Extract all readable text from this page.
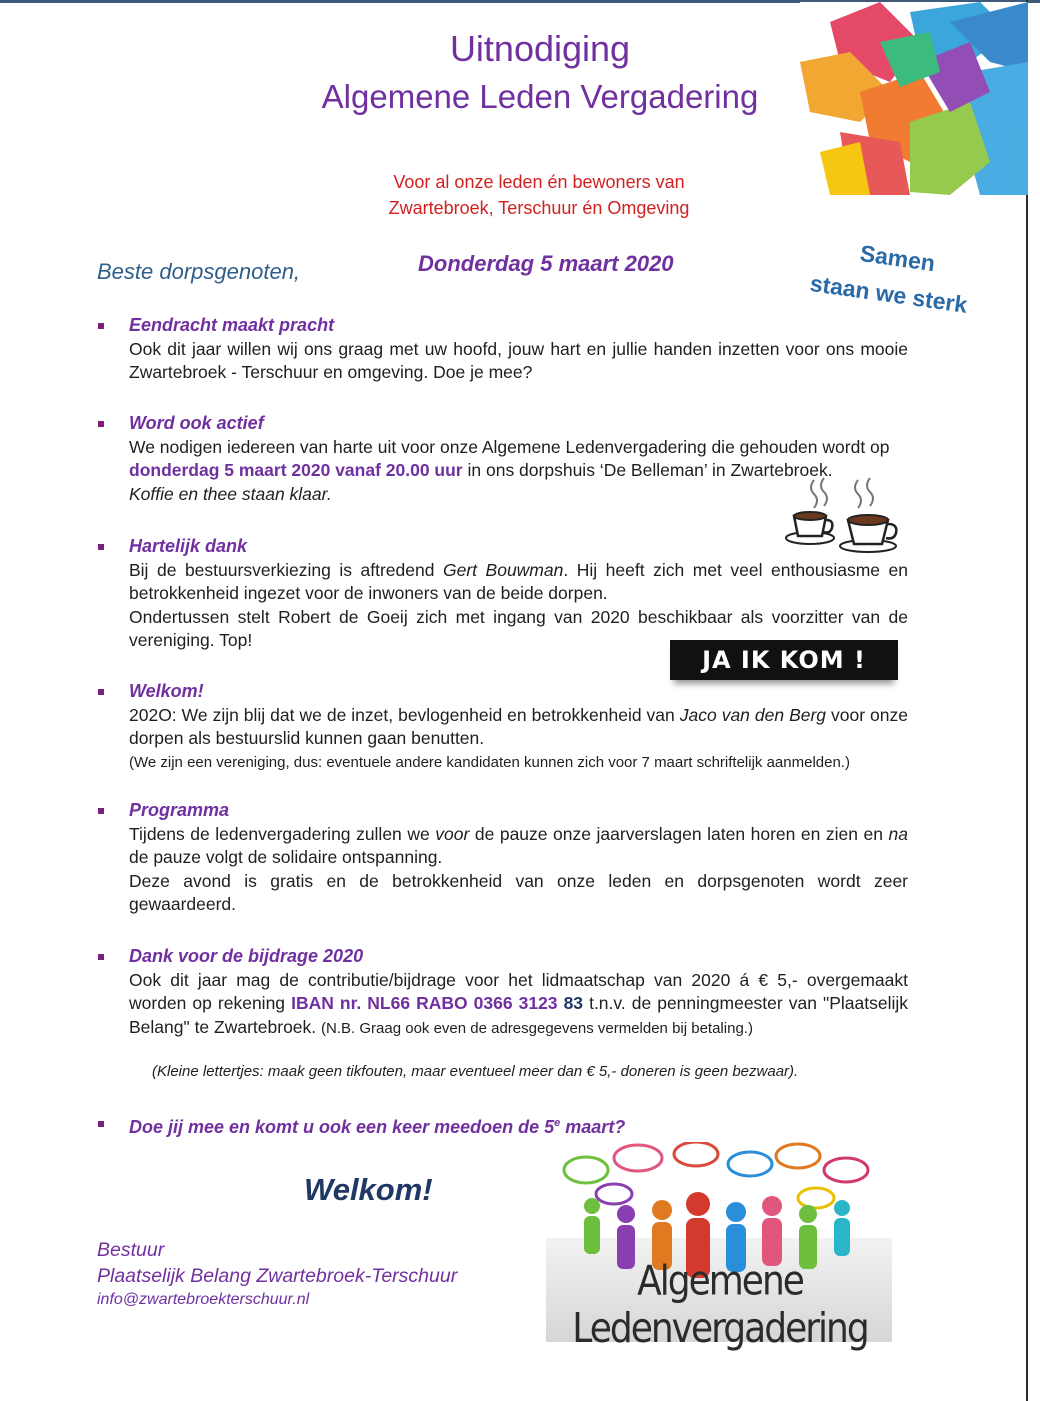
Uitnodiging
Algemene Leden Vergadering
Voor al onze leden én bewoners van
Zwartebroek, Terschuur én Omgeving
Beste dorpsgenoten,	Donderdag 5 maart 2020	Samen
staan we sterk
Eendracht maakt pracht
Ook dit jaar willen wij ons graag met uw hoofd, jouw hart en jullie handen inzetten voor ons mooie Zwartebroek - Terschuur en omgeving. Doe je mee?
Word ook actief

We nodigen iedereen van harte uit voor onze Algemene Ledenvergadering die gehouden wordt op
donderdag 5 maart 2020 vanaf 20.00 uur in ons dorpshuis ‘De Belleman’ in Zwartebroek.
Koffie en thee staan klaar.

Hartelijk dank

Bij de bestuursverkiezing is aftredend Gert Bouwman. Hij heeft zich met veel enthousiasme en betrokkenheid ingezet voor de inwoners van de beide dorpen.

Ondertussen stelt Robert de Goeij zich met ingang van 2020 beschikbaar als voorzitter van de vereniging. Top!

JA IK KOM !
Welkom!

202O: We zijn blij dat we de inzet, bevlogenheid en betrokkenheid van Jaco van den Berg voor onze dorpen als bestuurslid kunnen gaan benutten.

(We zijn een vereniging, dus: eventuele andere kandidaten kunnen zich voor 7 maart schriftelijk aanmelden.)
Programma

Tijdens de ledenvergadering zullen we voor de pauze onze jaarverslagen laten horen en zien en na

de pauze volgt de solidaire ontspanning.

Deze avond is gratis en de betrokkenheid van onze leden en dorpsgenoten wordt zeer gewaardeerd.

Dank voor de bijdrage 2020

Ook dit jaar mag de contributie/bijdrage voor het lidmaatschap van 2020 á € 5,- overgemaakt worden op rekening IBAN nr. NL66 RABO 0366 3123 83 t.n.v. de penningmeester van "Plaatselijk Belang" te Zwartebroek. (N.B. Graag ook even de adresgegevens vermelden bij betaling.)

(Kleine lettertjes: maak geen tikfouten, maar eventueel meer dan € 5,- doneren is geen bezwaar).
Doe jij mee en komt u ook een keer meedoen de 5e maart?
Welkom!
Bestuur
Plaatselijk Belang Zwartebroek-Terschuur
info@zwartebroekterschuur.nl	Algemene Ledenvergadering
